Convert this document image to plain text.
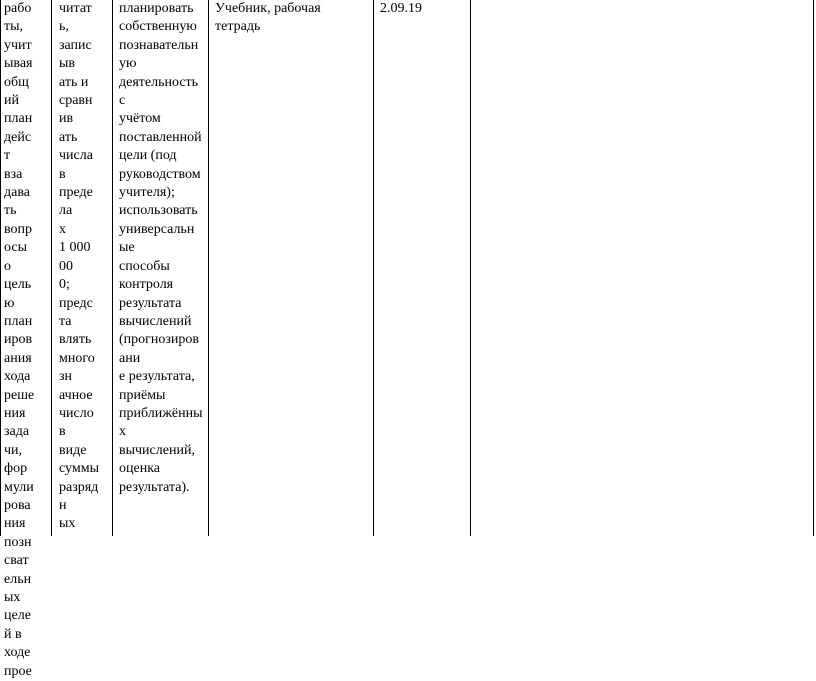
рабо
ты,
учит
ывая
общ
ий
план
дейс
т
вза
дава
ть
вопр
осы
о
цель
ю
план
иров
ания
хода
реше
ния
зада
чи,
фор
мули
рова
ния
позн
сват
ельн
ых
целе
й в
ходе
прое
читать,
записыв
ать и
сравнив
ать
числа в
предела
х
1 000 00
0;
предста
влять
многозн
ачное
число в
виде
суммы
разрядн
ых
планировать
собственную
познавательную
деятельность с
учётом
поставленной
цели (под
руководством
учителя);
использовать
универсальные
способы
контроля
результата
вычислений
(прогнозировани
е результата,
приёмы
приближённых
вычислений,
оценка
результата).
Учебник, рабочая тетрадь
2.09.19
